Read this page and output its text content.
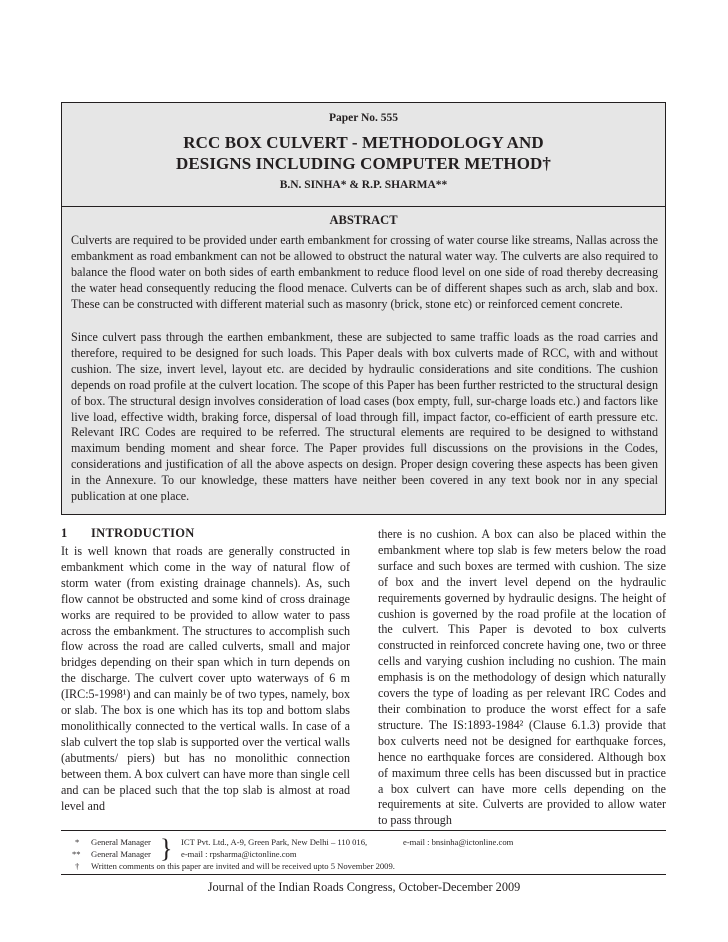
Paper No. 555
RCC BOX CULVERT - METHODOLOGY AND
DESIGNS INCLUDING COMPUTER METHOD†
B.N. SINHA* & R.P. SHARMA**
ABSTRACT
Culverts are required to be provided under earth embankment for crossing of water course like streams, Nallas across the embankment as road embankment can not be allowed to obstruct the natural water way. The culverts are also required to balance the flood water on both sides of earth embankment to reduce flood level on one side of road thereby decreasing the water head consequently reducing the flood menace. Culverts can be of different shapes such as arch, slab and box. These can be constructed with different material such as masonry (brick, stone etc) or reinforced cement concrete.
Since culvert pass through the earthen embankment, these are subjected to same traffic loads as the road carries and therefore, required to be designed for such loads. This Paper deals with box culverts made of RCC, with and without cushion. The size, invert level, layout etc. are decided by hydraulic considerations and site conditions. The cushion depends on road profile at the culvert location. The scope of this Paper has been further restricted to the structural design of box. The structural design involves consideration of load cases (box empty, full, sur-charge loads etc.) and factors like live load, effective width, braking force, dispersal of load through fill, impact factor, co-efficient of earth pressure etc. Relevant IRC Codes are required to be referred. The structural elements are required to be designed to withstand maximum bending moment and shear force. The Paper provides full discussions on the provisions in the Codes, considerations and justification of all the above aspects on design. Proper design covering these aspects has been given in the Annexure. To our knowledge, these matters have neither been covered in any text book nor in any special publication at one place.
1 INTRODUCTION
It is well known that roads are generally constructed in embankment which come in the way of natural flow of storm water (from existing drainage channels). As, such flow cannot be obstructed and some kind of cross drainage works are required to be provided to allow water to pass across the embankment. The structures to accomplish such flow across the road are called culverts, small and major bridges depending on their span which in turn depends on the discharge. The culvert cover upto waterways of 6 m (IRC:5-1998¹) and can mainly be of two types, namely, box or slab. The box is one which has its top and bottom slabs monolithically connected to the vertical walls. In case of a slab culvert the top slab is supported over the vertical walls (abutments/ piers) but has no monolithic connection between them. A box culvert can have more than single cell and can be placed such that the top slab is almost at road level and
there is no cushion. A box can also be placed within the embankment where top slab is few meters below the road surface and such boxes are termed with cushion. The size of box and the invert level depend on the hydraulic requirements governed by hydraulic designs. The height of cushion is governed by the road profile at the location of the culvert. This Paper is devoted to box culverts constructed in reinforced concrete having one, two or three cells and varying cushion including no cushion. The main emphasis is on the methodology of design which naturally covers the type of loading as per relevant IRC Codes and their combination to produce the worst effect for a safe structure. The IS:1893-1984² (Clause 6.1.3) provide that box culverts need not be designed for earthquake forces, hence no earthquake forces are considered. Although box of maximum three cells has been discussed but in practice a box culvert can have more cells depending on the requirements at site. Culverts are provided to allow water to pass through
* General Manager
** General Manager } ICT Pvt. Ltd., A-9, Green Park, New Delhi – 110 016,	e-mail : bnsinha@ictonline.com
e-mail : rpsharma@ictonline.com
† Written comments on this paper are invited and will be received upto 5 November 2009.
Journal of the Indian Roads Congress, October-December 2009
